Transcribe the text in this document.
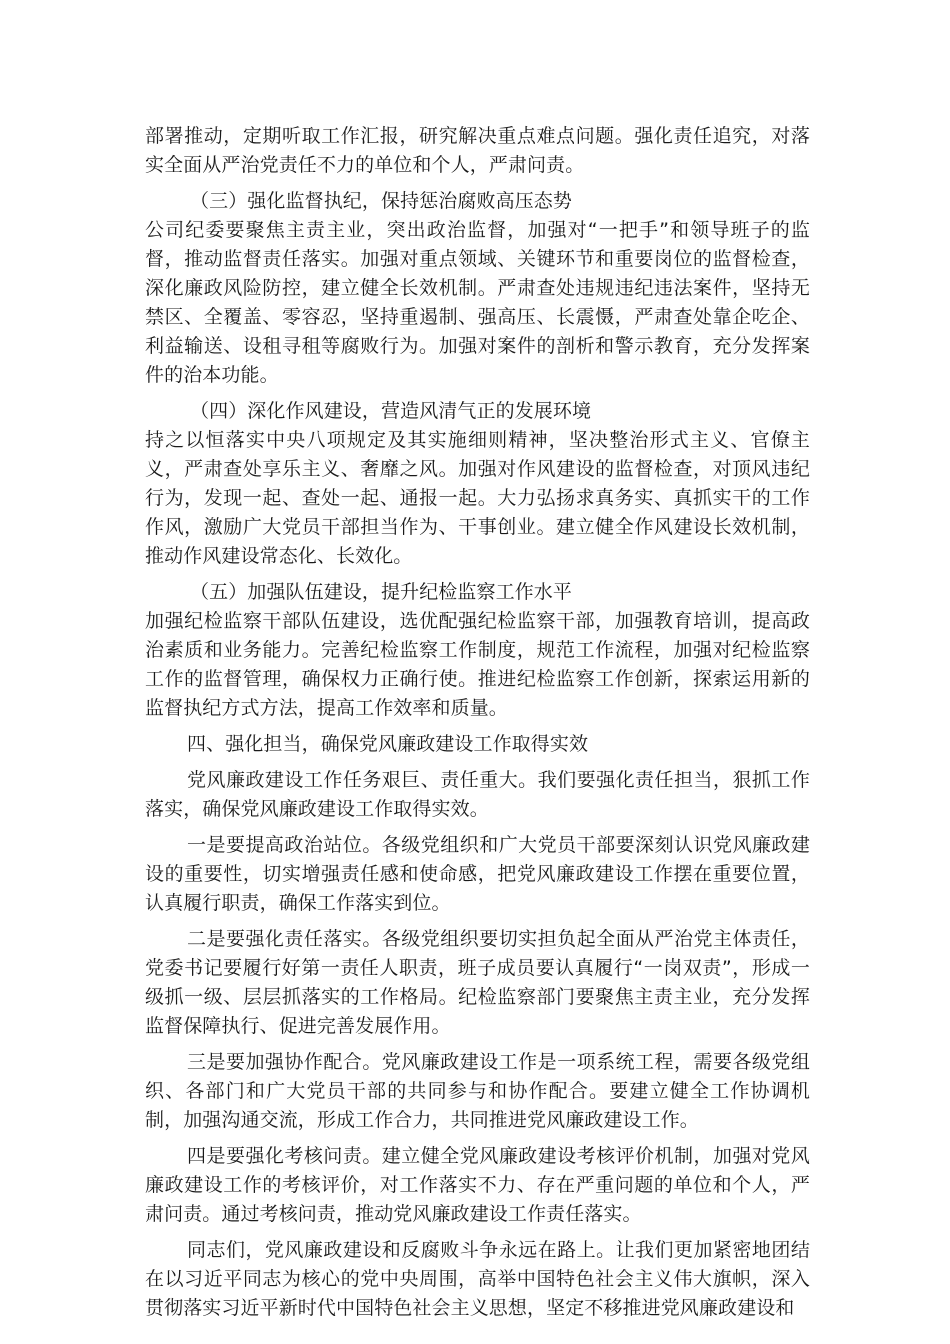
部署推动，定期听取工作汇报，研究解决重点难点问题。强化责任追究，对落实全面从严治党责任不力的单位和个人，严肃问责。

（三）强化监督执纪，保持惩治腐败高压态势

公司纪委要聚焦主责主业，突出政治监督，加强对“一把手”和领导班子的监督，推动监督责任落实。加强对重点领域、关键环节和重要岗位的监督检查，深化廉政风险防控，建立健全长效机制。严肃查处违规违纪违法案件，坚持无禁区、全覆盖、零容忍，坚持重遏制、强高压、长震慑，严肃查处靠企吃企、利益输送、设租寻租等腐败行为。加强对案件的剖析和警示教育，充分发挥案件的治本功能。

（四）深化作风建设，营造风清气正的发展环境

持之以恒落实中央八项规定及其实施细则精神，坚决整治形式主义、官僚主义，严肃查处享乐主义、奢靡之风。加强对作风建设的监督检查，对顶风违纪行为，发现一起、查处一起、通报一起。大力弘扬求真务实、真抓实干的工作作风，激励广大党员干部担当作为、干事创业。建立健全作风建设长效机制，推动作风建设常态化、长效化。

（五）加强队伍建设，提升纪检监察工作水平

加强纪检监察干部队伍建设，选优配强纪检监察干部，加强教育培训，提高政治素质和业务能力。完善纪检监察工作制度，规范工作流程，加强对纪检监察工作的监督管理，确保权力正确行使。推进纪检监察工作创新，探索运用新的监督执纪方式方法，提高工作效率和质量。

四、强化担当，确保党风廉政建设工作取得实效

党风廉政建设工作任务艰巨、责任重大。我们要强化责任担当，狠抓工作落实，确保党风廉政建设工作取得实效。

一是要提高政治站位。各级党组织和广大党员干部要深刻认识党风廉政建设的重要性，切实增强责任感和使命感，把党风廉政建设工作摆在重要位置，认真履行职责，确保工作落实到位。

二是要强化责任落实。各级党组织要切实担负起全面从严治党主体责任，党委书记要履行好第一责任人职责，班子成员要认真履行“一岗双责”，形成一级抓一级、层层抓落实的工作格局。纪检监察部门要聚焦主责主业，充分发挥监督保障执行、促进完善发展作用。

三是要加强协作配合。党风廉政建设工作是一项系统工程，需要各级党组织、各部门和广大党员干部的共同参与和协作配合。要建立健全工作协调机制，加强沟通交流，形成工作合力，共同推进党风廉政建设工作。

四是要强化考核问责。建立健全党风廉政建设考核评价机制，加强对党风廉政建设工作的考核评价，对工作落实不力、存在严重问题的单位和个人，严肃问责。通过考核问责，推动党风廉政建设工作责任落实。

同志们，党风廉政建设和反腐败斗争永远在路上。让我们更加紧密地团结在以习近平同志为核心的党中央周围，高举中国特色社会主义伟大旗帜，深入贯彻落实习近平新时代中国特色社会主义思想，坚定不移推进党风廉政建设和
